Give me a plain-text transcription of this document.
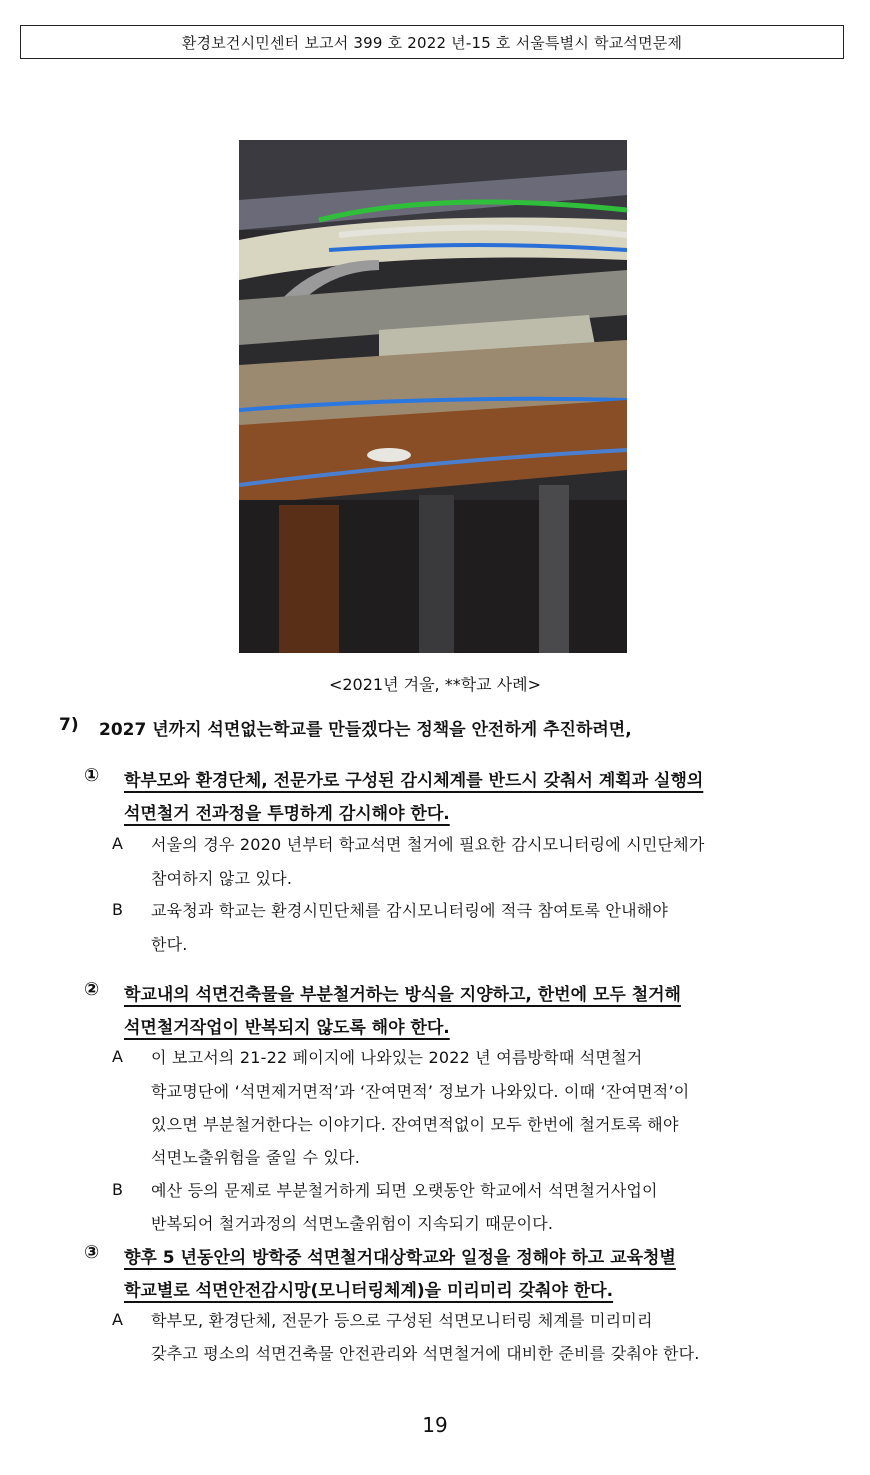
환경보건시민센터 보고서 399 호 2022 년-15 호 서울특별시 학교석면문제
<2021년 겨울, **학교 사례>
7) 2027 년까지 석면없는학교를 만들겠다는 정책을 안전하게 추진하려면,
① 학부모와 환경단체, 전문가로 구성된 감시체계를 반드시 갖춰서 계획과 실행의
석면철거 전과정을 투명하게 감시해야 한다.
A 서울의 경우 2020 년부터 학교석면 철거에 필요한 감시모니터링에 시민단체가
참여하지 않고 있다.
B 교육청과 학교는 환경시민단체를 감시모니터링에 적극 참여토록 안내해야
한다.
② 학교내의 석면건축물을 부분철거하는 방식을 지양하고, 한번에 모두 철거해
석면철거작업이 반복되지 않도록 해야 한다.
A 이 보고서의 21-22 페이지에 나와있는 2022 년 여름방학때 석면철거
학교명단에 ‘석면제거면적’과 ‘잔여면적’ 정보가 나와있다. 이때 ‘잔여면적’이
있으면 부분철거한다는 이야기다. 잔여면적없이 모두 한번에 철거토록 해야
석면노출위험을 줄일 수 있다.
B 예산 등의 문제로 부분철거하게 되면 오랫동안 학교에서 석면철거사업이
반복되어 철거과정의 석면노출위험이 지속되기 때문이다.
③ 향후 5 년동안의 방학중 석면철거대상학교와 일정을 정해야 하고 교육청별
학교별로 석면안전감시망(모니터링체계)을 미리미리 갖춰야 한다.
A 학부모, 환경단체, 전문가 등으로 구성된 석면모니터링 체계를 미리미리
갖추고 평소의 석면건축물 안전관리와 석면철거에 대비한 준비를 갖춰야 한다.
19
